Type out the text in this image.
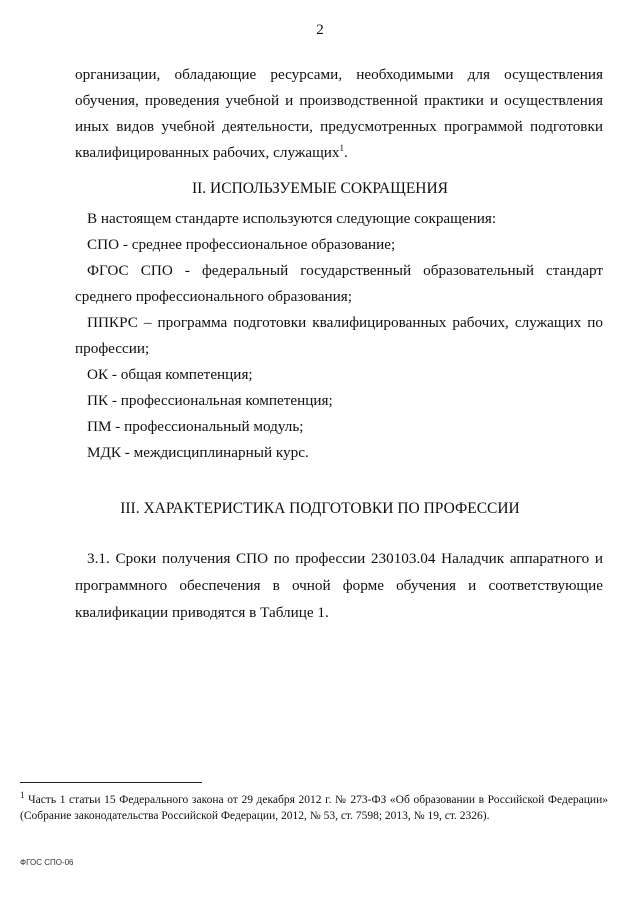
2

организации, обладающие ресурсами, необходимыми для осуществления обучения, проведения учебной и производственной практики и осуществления иных видов учебной деятельности, предусмотренных программой подготовки квалифицированных рабочих, служащих$^1$.

II. ИСПОЛЬЗУЕМЫЕ СОКРАЩЕНИЯ
В настоящем стандарте используются следующие сокращения:
СПО - среднее профессиональное образование;
ФГОС СПО - федеральный государственный образовательный стандарт среднего профессионального образования;
ППКРС – программа подготовки квалифицированных рабочих, служащих по профессии;
ОК - общая компетенция;
ПК - профессиональная компетенция;
ПМ - профессиональный модуль;
МДК - междисциплинарный курс.
III. ХАРАКТЕРИСТИКА ПОДГОТОВКИ ПО ПРОФЕССИИ

3.1. Сроки получения СПО по профессии 230103.04 Наладчик аппаратного и программного обеспечения в очной форме обучения и соответствующие квалификации приводятся в Таблице 1.

$^1$ Часть 1 статьи 15 Федерального закона от 29 декабря 2012 г. № 273-ФЗ «Об образовании в Российской Федерации» (Собрание законодательства Российской Федерации, 2012, № 53, ст. 7598; 2013, № 19, ст. 2326).

ФГОС СПО-06
